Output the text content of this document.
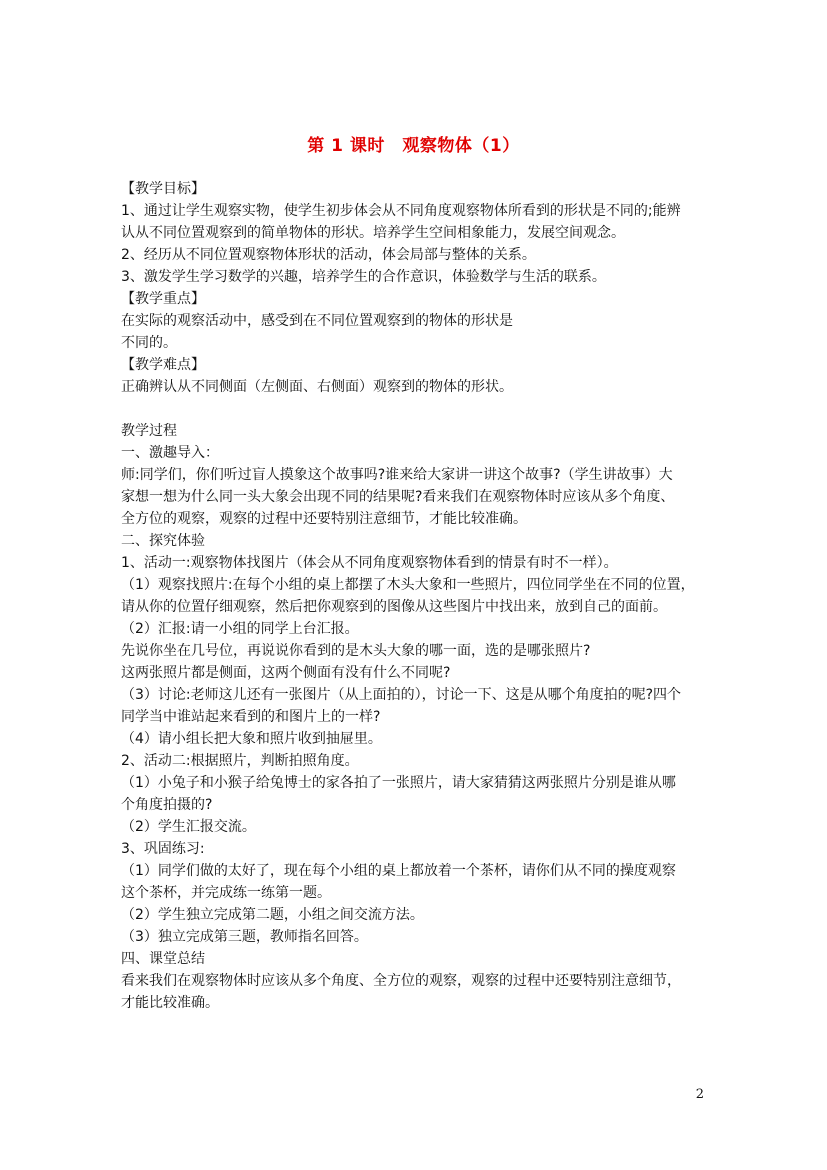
第 1 课时　观察物体（1）
【教学目标】
1、通过让学生观察实物，使学生初步体会从不同角度观察物体所看到的形状是不同的;能辨
认从不同位置观察到的简单物体的形状。培养学生空间相象能力，发展空间观念。
2、经历从不同位置观察物体形状的活动，体会局部与整体的关系。
3、激发学生学习数学的兴趣，培养学生的合作意识，体验数学与生活的联系。
【教学重点】
在实际的观察活动中，感受到在不同位置观察到的物体的形状是
不同的。
【教学难点】
正确辨认从不同侧面（左侧面、右侧面）观察到的物体的形状。
教学过程
一、激趣导入：
师:同学们，你们听过盲人摸象这个故事吗?谁来给大家讲一讲这个故事?（学生讲故事）大
家想一想为什么同一头大象会出现不同的结果呢?看来我们在观察物体时应该从多个角度、
全方位的观察，观察的过程中还要特别注意细节，才能比较准确。
二、探究体验
1、活动一:观察物体找图片（体会从不同角度观察物体看到的情景有时不一样）。
（1）观察找照片:在每个小组的桌上都摆了木头大象和一些照片，四位同学坐在不同的位置，
请从你的位置仔细观察，然后把你观察到的图像从这些图片中找出来，放到自己的面前。
（2）汇报:请一小组的同学上台汇报。
先说你坐在几号位，再说说你看到的是木头大象的哪一面，选的是哪张照片?
这两张照片都是侧面，这两个侧面有没有什么不同呢?
（3）讨论:老师这儿还有一张图片（从上面拍的），讨论一下、这是从哪个角度拍的呢?四个
同学当中谁站起来看到的和图片上的一样?
（4）请小组长把大象和照片收到抽屉里。
2、活动二:根据照片，判断拍照角度。
（1）小兔子和小猴子给兔博士的家各拍了一张照片，请大家猜猜这两张照片分别是谁从哪
个角度拍摄的?
（2）学生汇报交流。
3、巩固练习:
（1）同学们做的太好了，现在每个小组的桌上都放着一个茶杯，请你们从不同的操度观察
这个茶杯，并完成练一练第一题。
（2）学生独立完成第二题，小组之间交流方法。
（3）独立完成第三题，教师指名回答。
四、课堂总结
看来我们在观察物体时应该从多个角度、全方位的观察，观察的过程中还要特别注意细节，
才能比较准确。
2
